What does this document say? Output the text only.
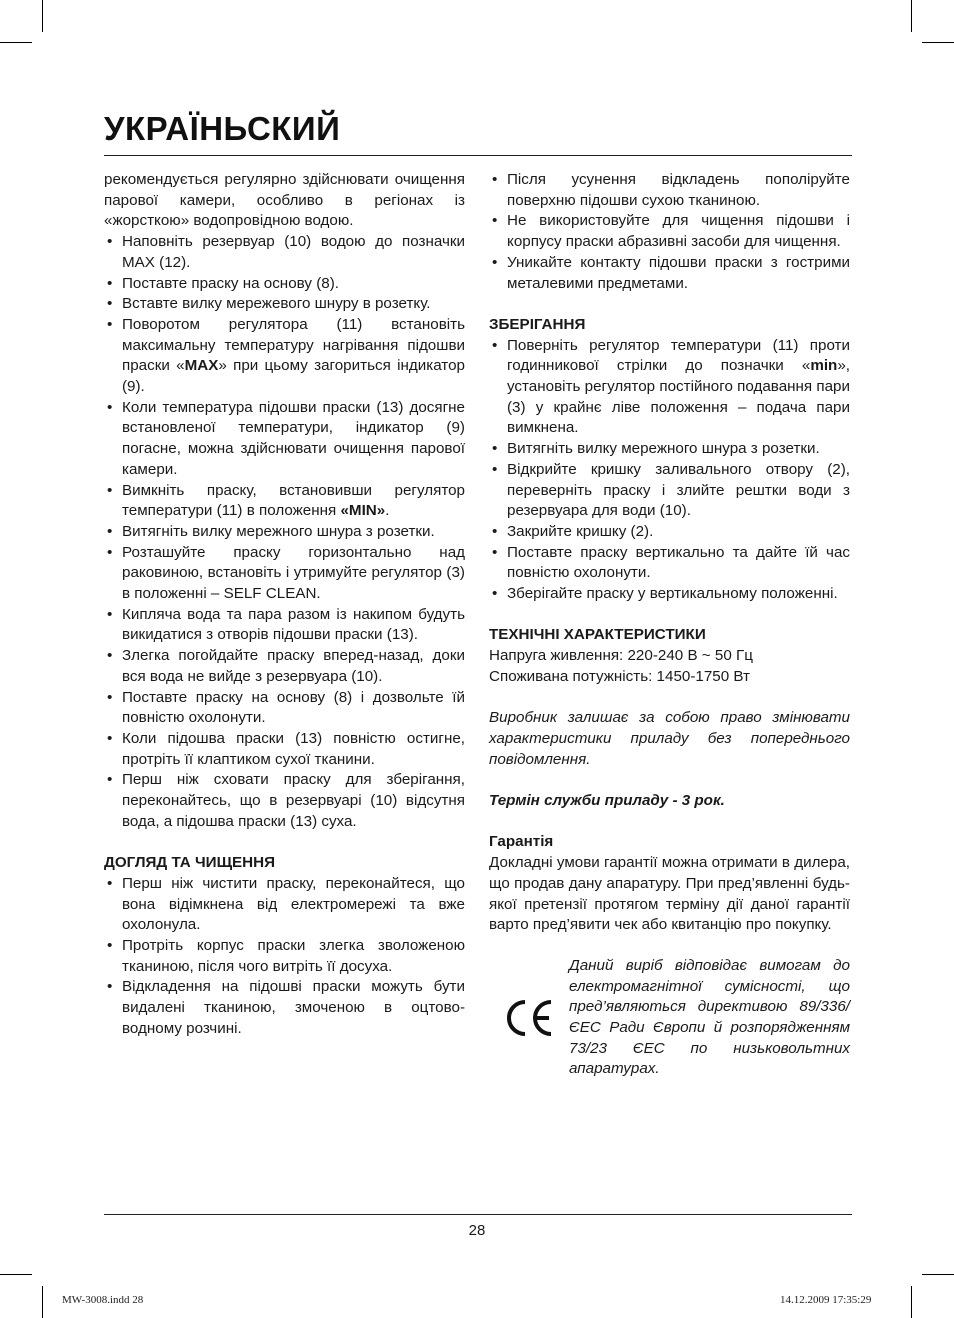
УКРАЇНЬСКИЙ

рекомендується регулярно здійснювати очищення парової камери, особливо в регіонах із «жорсткою» водопровідною водою.

• Наповніть резервуар (10) водою до позначки MAX (12).
• Поставте праску на основу (8).
• Вставте вилку мережевого шнуру в розетку.
• Поворотом регулятора (11) встановіть максимальну температуру нагрівання підошви праски «MAX» при цьому загориться індикатор (9).
• Коли температура підошви праски (13) досягне встановленої температури, індикатор (9) погасне, можна здійснювати очищення парової камери.
• Вимкніть праску, встановивши регулятор температури (11) в положення «MIN».
• Витягніть вилку мережного шнура з розетки.
• Розташуйте праску горизонтально над раковиною, встановіть і утримуйте регулятор (3) в положенні – SELF CLEAN.
• Кипляча вода та пара разом із накипом будуть викидатися з отворів підошви праски (13).
• Злегка погойдайте праску вперед-назад, доки вся вода не вийде з резервуара (10).
• Поставте праску на основу (8) і дозвольте їй повністю охолонути.
• Коли підошва праски (13) повністю остигне, протріть її клаптиком сухої тканини.
• Перш ніж сховати праску для зберігання, переконайтесь, що в резервуарі (10) відсутня вода, а підошва праски (13) суха.

ДОГЛЯД ТА ЧИЩЕННЯ

• Перш ніж чистити праску, переконайтеся, що вона відімкнена від електромережі та вже охолонула.
• Протріть корпус праски злегка зволоженою тканиною, після чого витріть її досуха.
• Відкладення на підошві праски можуть бути видалені тканиною, змоченою в оцтово-водному розчині.
• Після усунення відкладень пополіруйте поверхню підошви сухою тканиною.
• Не використовуйте для чищення підошви і корпусу праски абразивні засоби для чищення.
• Уникайте контакту підошви праски з гострими металевими предметами.

ЗБЕРІГАННЯ

• Поверніть регулятор температури (11) проти годинникової стрілки до позначки «min», установіть регулятор постійного подавання пари (3) у крайнє ліве положення – подача пари вимкнена.
• Витягніть вилку мережного шнура з розетки.
• Відкрийте кришку заливального отвору (2), переверніть праску і злийте рештки води з резервуара для води (10).
• Закрийте кришку (2).
• Поставте праску вертикально та дайте їй час повністю охолонути.
• Зберігайте праску у вертикальному положенні.

ТЕХНІЧНІ ХАРАКТЕРИСТИКИ

Напруга живлення: 220-240 В ~ 50 Гц

Споживана потужність: 1450-1750 Вт

Виробник залишає за собою право змінювати характеристики приладу без попереднього повідомлення.

Термін служби приладу - 3 рок.

Гарантія

Докладні умови гарантії можна отримати в дилера, що продав дану апаратуру. При пред’явленні будь-якої претензії протягом терміну дії даної гарантії варто пред’явити чек або квитанцію про покупку.

Даний виріб відповідає вимогам до електромагнітної сумісності, що пред’являються директивою 89/336/ЄЕС Ради Європи й розпорядженням 73/23 ЄЕС по низьковольтних апаратурах.

28
MW-3008.indd 28	14.12.2009 17:35:29
